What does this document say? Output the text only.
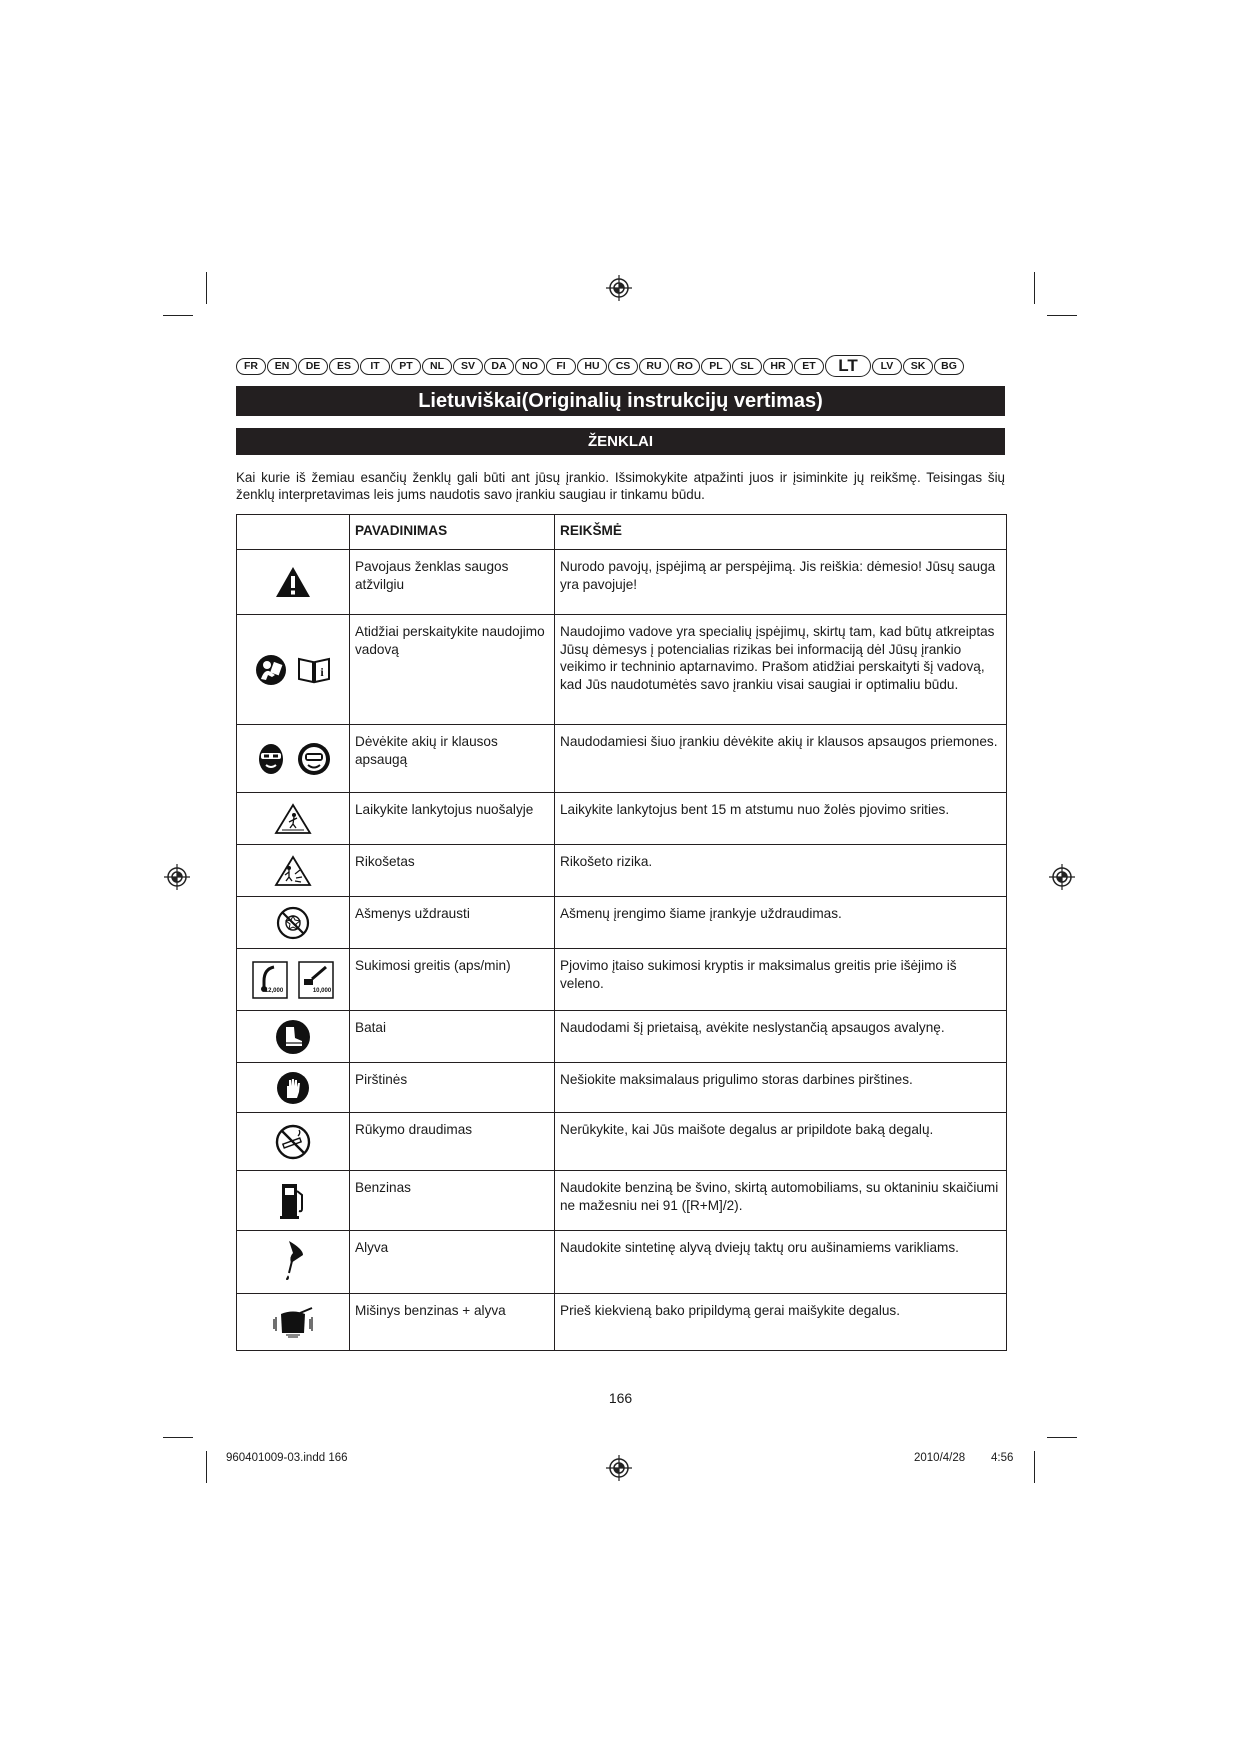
FR	EN	DE	ES	IT	PT	NL	SV	DA	NO	FI	HU	CS	RU	RO	PL	SL	HR	ET	LT	LV	SK	BG
Lietuviškai(Originalių instrukcijų vertimas)
ŽENKLAI
Kai kurie iš žemiau esančių ženklų gali būti ant jūsų įrankio. Išsimokykite atpažinti juos ir įsiminkite jų reikšmę. Teisingas šių ženklų interpretavimas leis jums naudotis savo įrankiu saugiau ir tinkamu būdu.
	PAVADINIMAS	REIKŠMĖ

	Pavojaus ženklas saugos atžvilgiu	Nurodo pavojų, įspėjimą ar perspėjimą. Jis reiškia: dėmesio! Jūsų sauga yra pavojuje!

i	Atidžiai perskaitykite naudojimo vadovą	Naudojimo vadove yra specialių įspėjimų, skirtų tam, kad būtų atkreiptas Jūsų dėmesys į potencialias rizikas bei informaciją dėl Jūsų įrankio veikimo ir techninio aptarnavimo. Prašom atidžiai perskaityti šį vadovą, kad Jūs naudotumėtės savo įrankiu visai saugiai ir optimaliu būdu.

	Dėvėkite akių ir klausos apsaugą	Naudodamiesi šiuo įrankiu dėvėkite akių ir klausos apsaugos priemones.

	Laikykite lankytojus nuošalyje	Laikykite lankytojus bent 15 m atstumu nuo žolės pjovimo srities.

	Rikošetas	Rikošeto rizika.

	Ašmenys uždrausti	Ašmenų įrengimo šiame įrankyje uždraudimas.

12,000 10,000	Sukimosi greitis (aps/min)	Pjovimo įtaiso sukimosi kryptis ir maksimalus greitis prie išėjimo iš veleno.

	Batai	Naudodami šį prietaisą, avėkite neslystančią apsaugos avalynę.

	Pirštinės	Nešiokite maksimalaus prigulimo storas darbines pirštines.

	Rūkymo draudimas	Nerūkykite, kai Jūs maišote degalus ar pripildote baką degalų.

	Benzinas	Naudokite benziną be švino, skirtą automobiliams, su oktaniniu skaičiumi ne mažesniu nei 91 ([R+M]/2).

	Alyva	Naudokite sintetinę alyvą dviejų taktų oru aušinamiems varikliams.

	Mišinys benzinas + alyva	Prieš kiekvieną bako pripildymą gerai maišykite degalus.
166
960401009-03.indd 166	2010/4/28 4:56
